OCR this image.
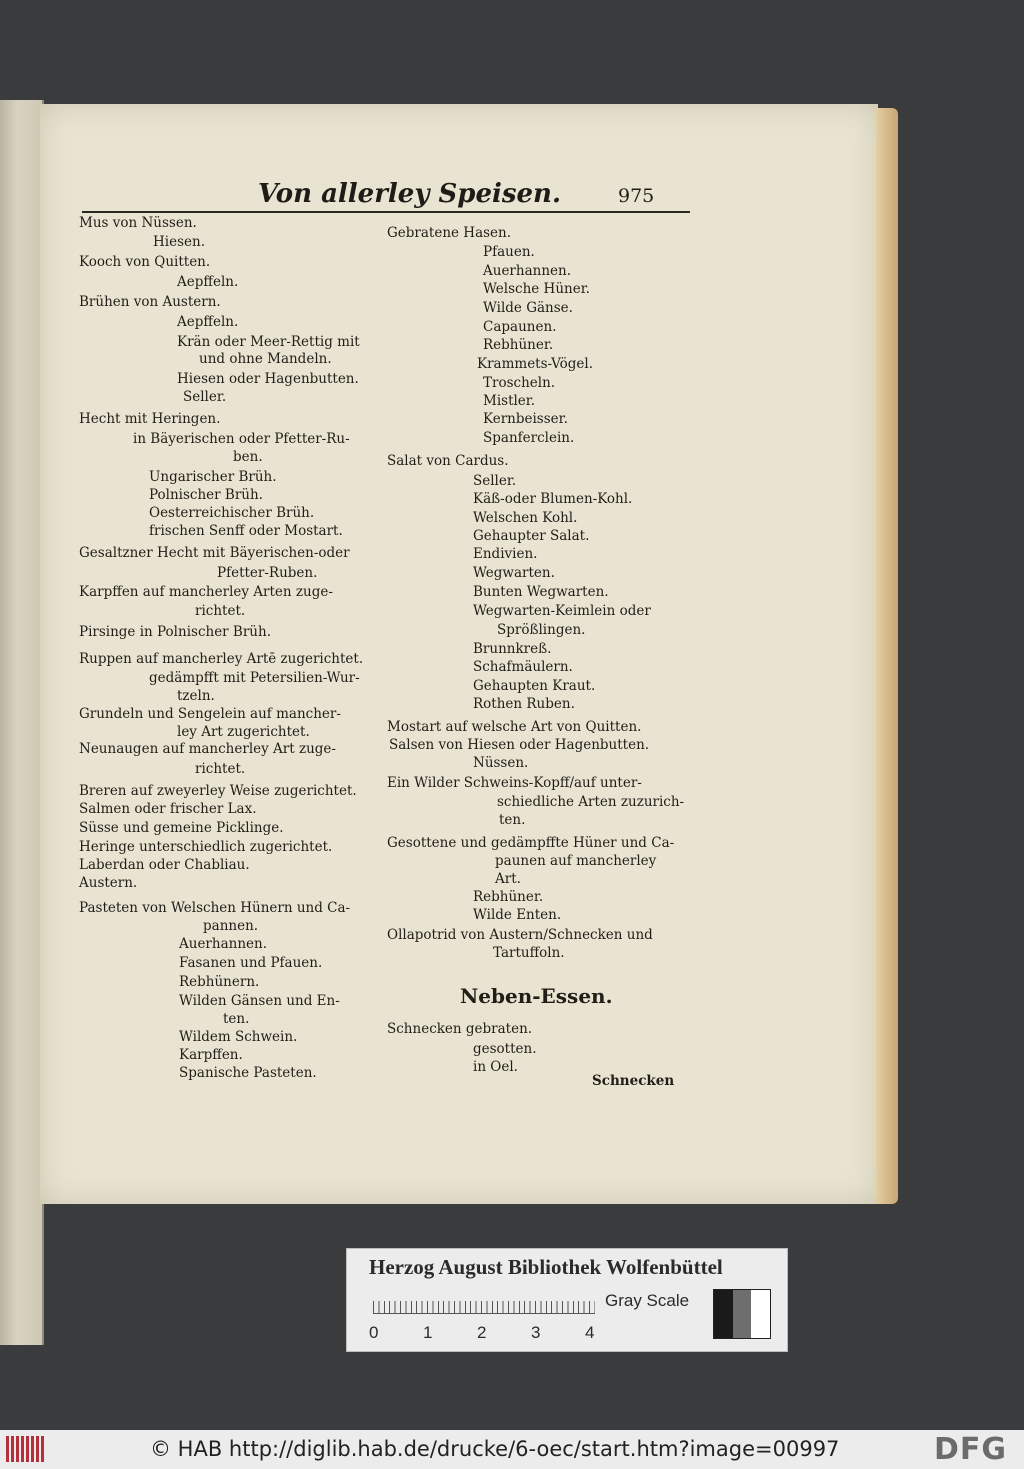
Von allerley Speisen.	975
Mus von Nüssen.
Hiesen.
Kooch von Quitten.
Aepffeln.
Brühen von Austern.
Aepffeln.
Krän oder Meer-Rettig mit
und ohne Mandeln.
Hiesen oder Hagenbutten.
Seller.
Hecht mit Heringen.
in Bäyerischen oder Pfetter-Ru-
ben.
Ungarischer Brüh.
Polnischer Brüh.
Oesterreichischer Brüh.
frischen Senff oder Mostart.
Gesaltzner Hecht mit Bäyerischen-oder
Pfetter-Ruben.
Karpffen auf mancherley Arten zuge-
richtet.
Pirsinge in Polnischer Brüh.
Ruppen auf mancherley Artē zugerichtet.
gedämpfft mit Petersilien-Wur-
tzeln.
Grundeln und Sengelein auf mancher-
ley Art zugerichtet.
Neunaugen auf mancherley Art zuge-
richtet.
Breren auf zweyerley Weise zugerichtet.
Salmen oder frischer Lax.
Süsse und gemeine Picklinge.
Heringe unterschiedlich zugerichtet.
Laberdan oder Chabliau.
Austern.
Pasteten von Welschen Hünern und Ca-
pannen.
Auerhannen.
Fasanen und Pfauen.
Rebhünern.
Wilden Gänsen und En-
ten.
Wildem Schwein.
Karpffen.
Spanische Pasteten.
Gebratene Hasen.
Pfauen.
Auerhannen.
Welsche Hüner.
Wilde Gänse.
Capaunen.
Rebhüner.
Krammets-Vögel.
Troscheln.
Mistler.
Kernbeisser.
Spanferclein.
Salat von Cardus.
Seller.
Käß-oder Blumen-Kohl.
Welschen Kohl.
Gehaupter Salat.
Endivien.
Wegwarten.
Bunten Wegwarten.
Wegwarten-Keimlein oder
Sprößlingen.
Brunnkreß.
Schafmäulern.
Gehaupten Kraut.
Rothen Ruben.
Mostart auf welsche Art von Quitten.
Salsen von Hiesen oder Hagenbutten.
Nüssen.
Ein Wilder Schweins-Kopff/auf unter-
schiedliche Arten zuzurich-
ten.
Gesottene und gedämpffte Hüner und Ca-
paunen auf mancherley
Art.
Rebhüner.
Wilde Enten.
Ollapotrid von Austern/Schnecken und
Tartuffoln.
Neben-Essen.
Schnecken gebraten.
gesotten.
in Oel.
Schnecken
Herzog August Bibliothek Wolfenbüttel
0	1	2	3	4
Gray Scale
© HAB http://diglib.hab.de/drucke/6-oec/start.htm?image=00997	DFG
